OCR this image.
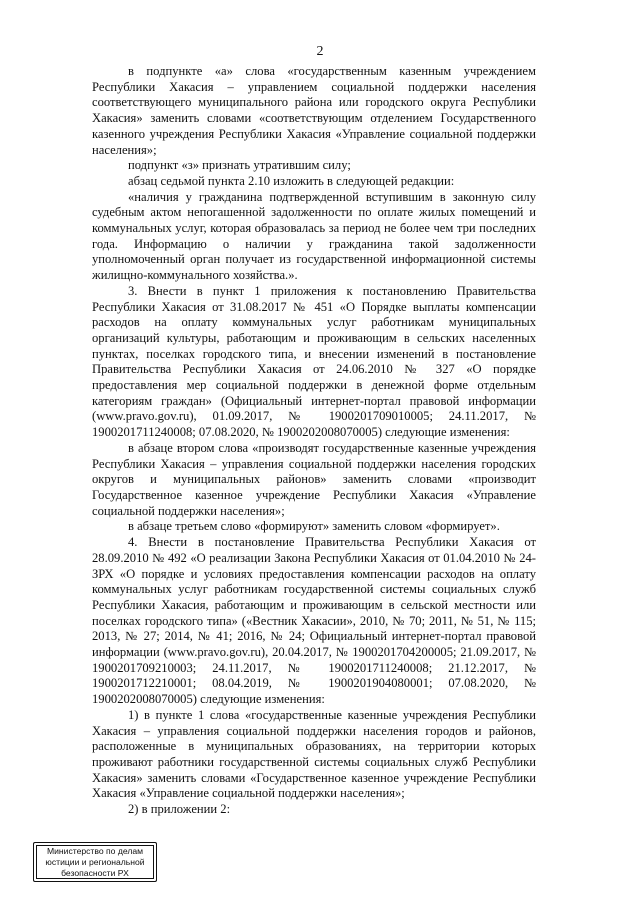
2

в подпункте «а» слова «государственным казенным учреждением Республики Хакасия – управлением социальной поддержки населения соответствующего муниципального района или городского округа Республики Хакасия» заменить словами «соответствующим отделением Государственного казенного учреждения Республики Хакасия «Управление социальной поддержки населения»;

подпункт «з» признать утратившим силу;

абзац седьмой пункта 2.10 изложить в следующей редакции:

«наличия у гражданина подтвержденной вступившим в законную силу судебным актом непогашенной задолженности по оплате жилых помещений и коммунальных услуг, которая образовалась за период не более чем три последних года. Информацию о наличии у гражданина такой задолженности уполномоченный орган получает из государственной информационной системы жилищно-коммунального хозяйства.».

3. Внести в пункт 1 приложения к постановлению Правительства Республики Хакасия от 31.08.2017 № 451 «О Порядке выплаты компенсации расходов на оплату коммунальных услуг работникам муниципальных организаций культуры, работающим и проживающим в сельских населенных пунктах, поселках городского типа, и внесении изменений в постановление Правительства Республики Хакасия от 24.06.2010 № 327 «О порядке предоставления мер социальной поддержки в денежной форме отдельным категориям граждан» (Официальный интернет-портал правовой информации (www.pravo.gov.ru), 01.09.2017, № 1900201709010005; 24.11.2017, № 1900201711240008; 07.08.2020, № 1900202008070005) следующие изменения:

в абзаце втором слова «производят государственные казенные учреждения Республики Хакасия – управления социальной поддержки населения городских округов и муниципальных районов» заменить словами «производит Государственное казенное учреждение Республики Хакасия «Управление социальной поддержки населения»;

в абзаце третьем слово «формируют» заменить словом «формирует».

4. Внести в постановление Правительства Республики Хакасия от 28.09.2010 № 492 «О реализации Закона Республики Хакасия от 01.04.2010 № 24-ЗРХ «О порядке и условиях предоставления компенсации расходов на оплату коммунальных услуг работникам государственной системы социальных служб Республики Хакасия, работающим и проживающим в сельской местности или поселках городского типа» («Вестник Хакасии», 2010, № 70; 2011, № 51, № 115; 2013, № 27; 2014, № 41; 2016, № 24; Официальный интернет-портал правовой информации (www.pravo.gov.ru), 20.04.2017, № 1900201704200005; 21.09.2017, № 1900201709210003; 24.11.2017, № 1900201711240008; 21.12.2017, № 1900201712210001; 08.04.2019, № 1900201904080001; 07.08.2020, № 1900202008070005) следующие изменения:

1) в пункте 1 слова «государственные казенные учреждения Республики Хакасия – управления социальной поддержки населения городов и районов, расположенные в муниципальных образованиях, на территории которых проживают работники государственной системы социальных служб Республики Хакасия» заменить словами «Государственное казенное учреждение Республики Хакасия «Управление социальной поддержки населения»;

2) в приложении 2:

Министерство по делам
юстиции и региональной
безопасности РХ
